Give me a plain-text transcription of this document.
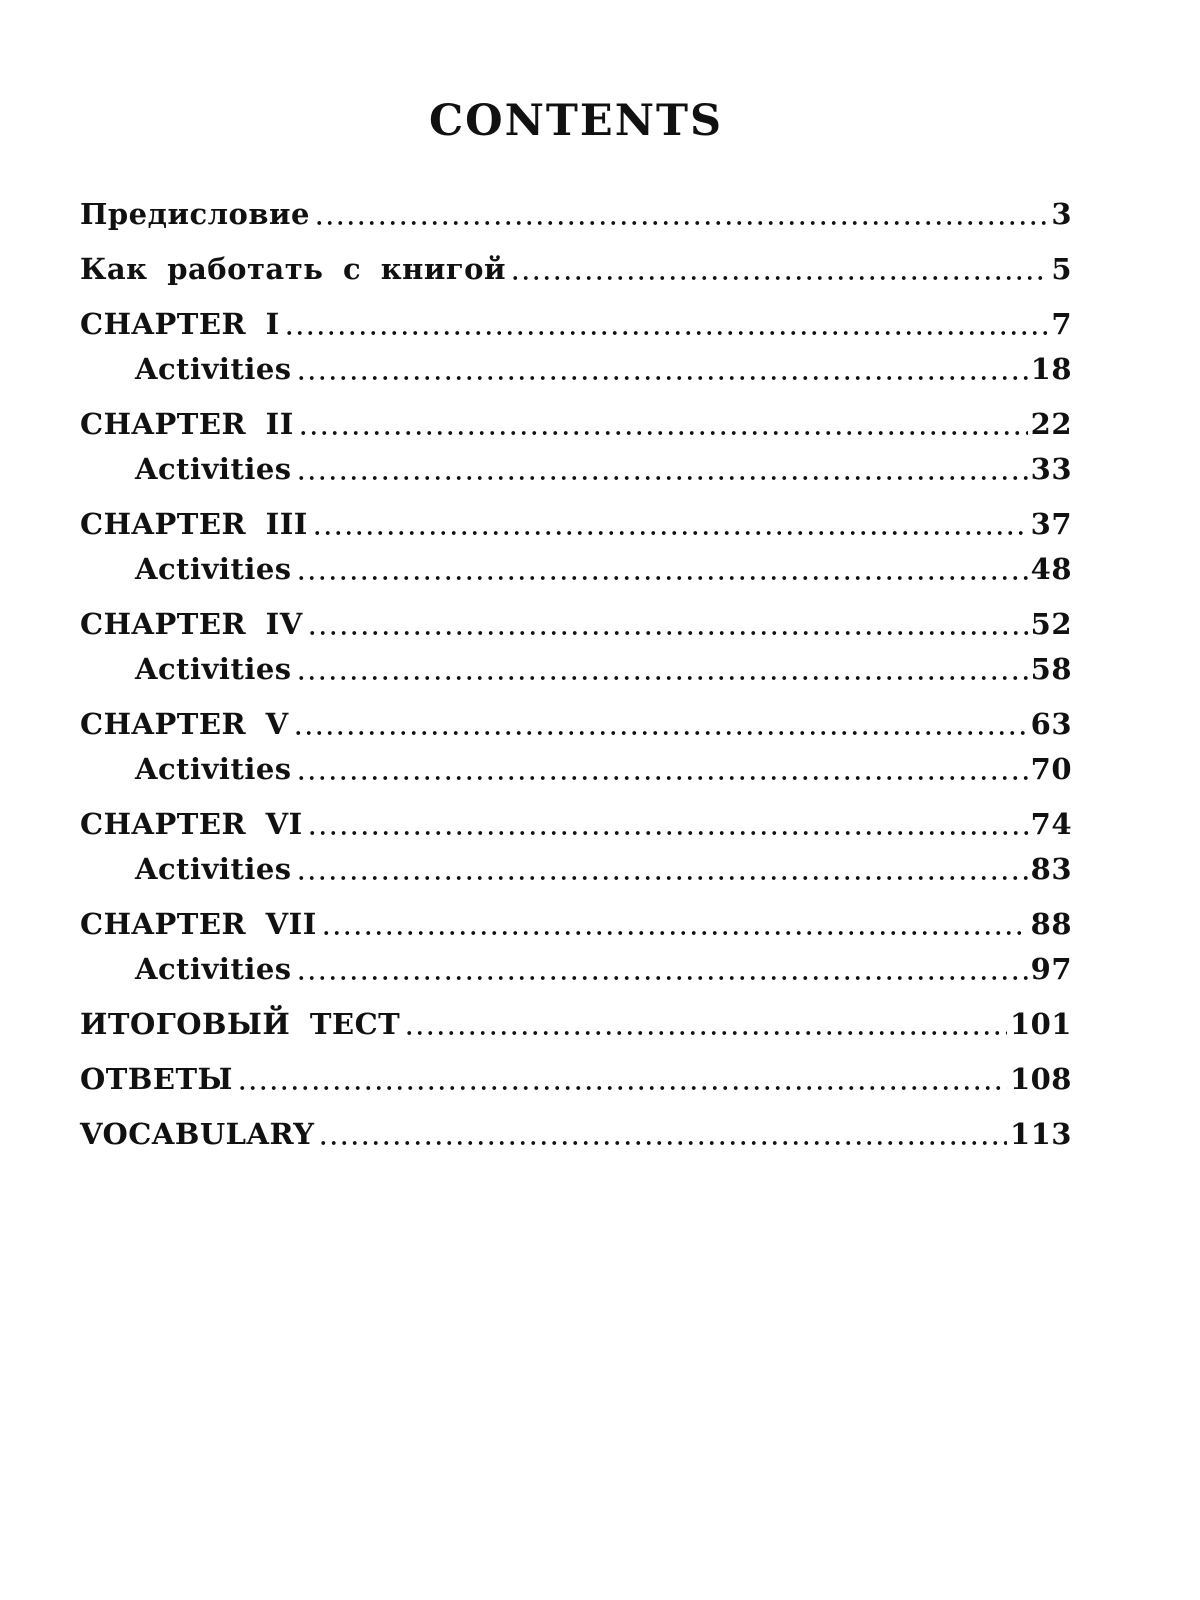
CONTENTS
Предисловие	3
Как работать с книгой	5
CHAPTER I	7
Activities	18
CHAPTER II	22
Activities	33
CHAPTER III	37
Activities	48
CHAPTER IV	52
Activities	58
CHAPTER V	63
Activities	70
CHAPTER VI	74
Activities	83
CHAPTER VII	88
Activities	97
ИТОГОВЫЙ ТЕСТ	101
ОТВЕТЫ	108
VOCABULARY	113
